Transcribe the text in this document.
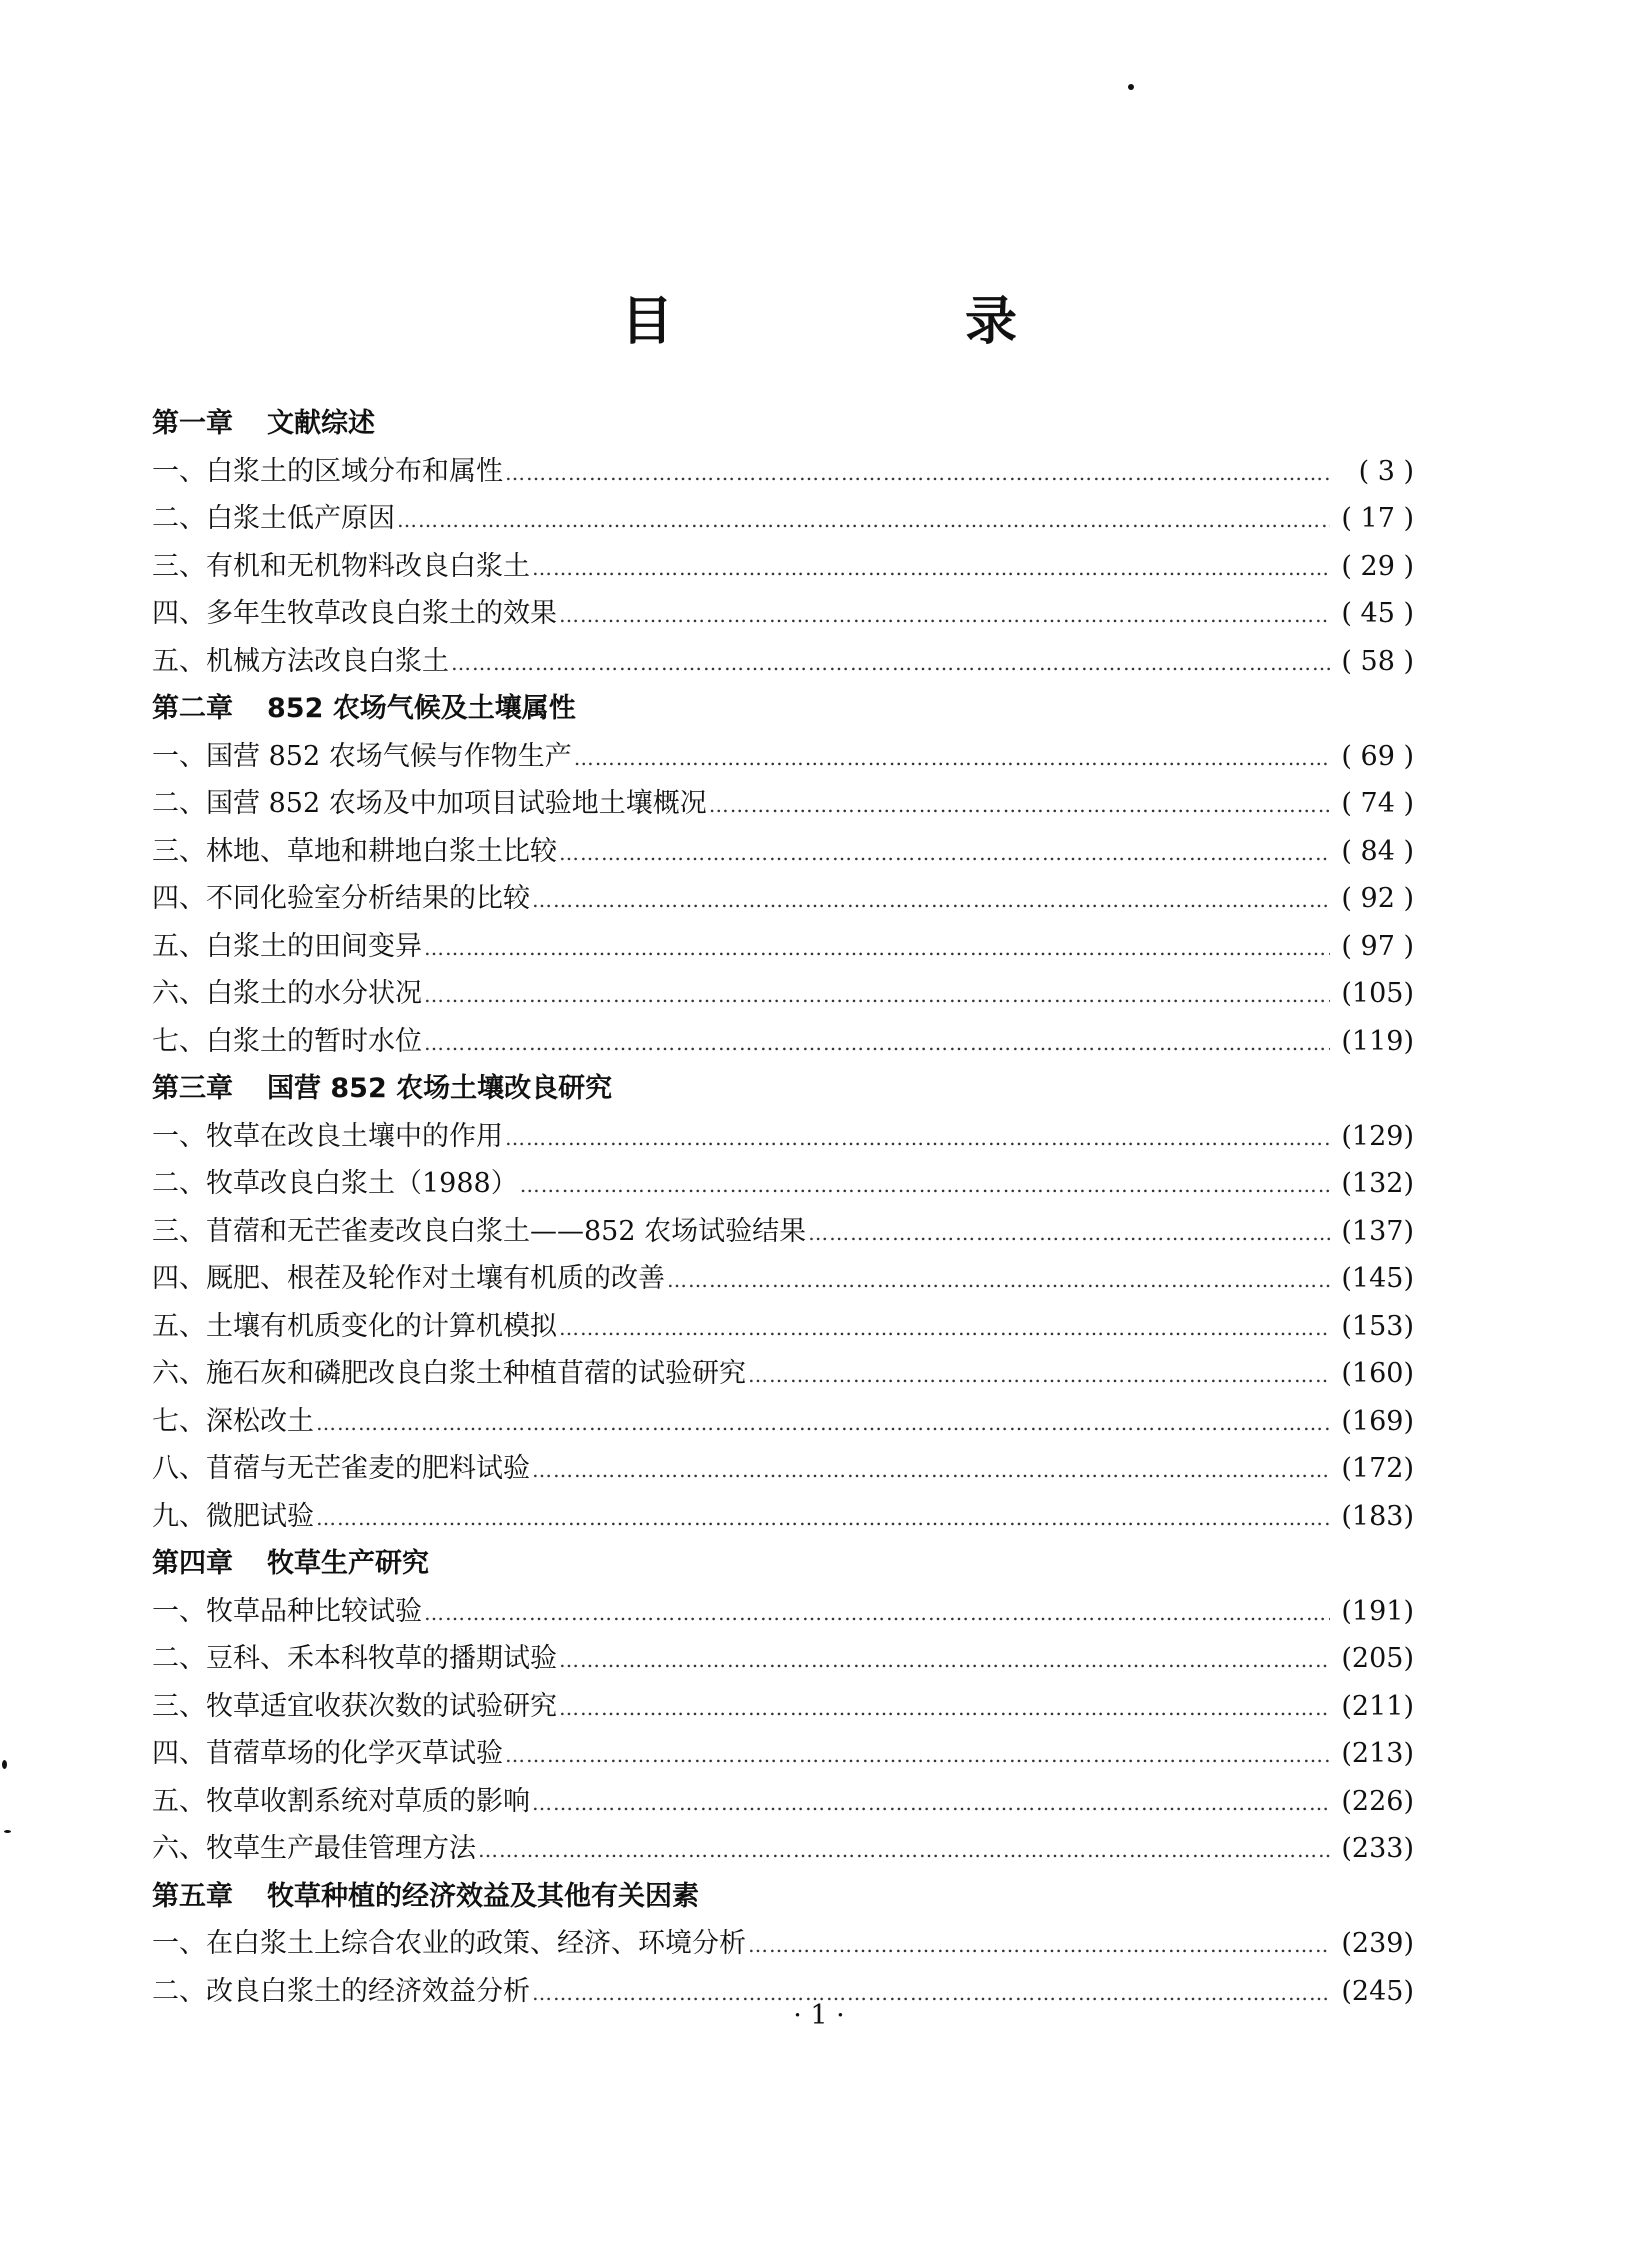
目　录
第一章 文献综述
一、白浆土的区域分布和属性 …………………………………………………………………………………………………………………………………………………………………………………………………………	( 3 )
二、白浆土低产原因 …………………………………………………………………………………………………………………………………………………………………………………………………………	( 17 )
三、有机和无机物料改良白浆土 …………………………………………………………………………………………………………………………………………………………………………………………………………	( 29 )
四、多年生牧草改良白浆土的效果 …………………………………………………………………………………………………………………………………………………………………………………………………………	( 45 )
五、机械方法改良白浆土 …………………………………………………………………………………………………………………………………………………………………………………………………………	( 58 )
第二章 852 农场气候及土壤属性
一、国营 852 农场气候与作物生产 …………………………………………………………………………………………………………………………………………………………………………………………………………	( 69 )
二、国营 852 农场及中加项目试验地土壤概况 …………………………………………………………………………………………………………………………………………………………………………………………………………	( 74 )
三、林地、草地和耕地白浆土比较 …………………………………………………………………………………………………………………………………………………………………………………………………………	( 84 )
四、不同化验室分析结果的比较 …………………………………………………………………………………………………………………………………………………………………………………………………………	( 92 )
五、白浆土的田间变异 …………………………………………………………………………………………………………………………………………………………………………………………………………	( 97 )
六、白浆土的水分状况 …………………………………………………………………………………………………………………………………………………………………………………………………………	(105)
七、白浆土的暂时水位 …………………………………………………………………………………………………………………………………………………………………………………………………………	(119)
第三章 国营 852 农场土壤改良研究
一、牧草在改良土壤中的作用 …………………………………………………………………………………………………………………………………………………………………………………………………………	(129)
二、牧草改良白浆土（1988） …………………………………………………………………………………………………………………………………………………………………………………………………………	(132)
三、苜蓿和无芒雀麦改良白浆土——852 农场试验结果 …………………………………………………………………………………………………………………………………………………………………………………………………………	(137)
四、厩肥、根茬及轮作对土壤有机质的改善 …………………………………………………………………………………………………………………………………………………………………………………………………………	(145)
五、土壤有机质变化的计算机模拟 …………………………………………………………………………………………………………………………………………………………………………………………………………	(153)
六、施石灰和磷肥改良白浆土种植苜蓿的试验研究 …………………………………………………………………………………………………………………………………………………………………………………………………………	(160)
七、深松改土 …………………………………………………………………………………………………………………………………………………………………………………………………………	(169)
八、苜蓿与无芒雀麦的肥料试验 …………………………………………………………………………………………………………………………………………………………………………………………………………	(172)
九、微肥试验 …………………………………………………………………………………………………………………………………………………………………………………………………………	(183)
第四章 牧草生产研究
一、牧草品种比较试验 …………………………………………………………………………………………………………………………………………………………………………………………………………	(191)
二、豆科、禾本科牧草的播期试验 …………………………………………………………………………………………………………………………………………………………………………………………………………	(205)
三、牧草适宜收获次数的试验研究 …………………………………………………………………………………………………………………………………………………………………………………………………………	(211)
四、苜蓿草场的化学灭草试验 …………………………………………………………………………………………………………………………………………………………………………………………………………	(213)
五、牧草收割系统对草质的影响 …………………………………………………………………………………………………………………………………………………………………………………………………………	(226)
六、牧草生产最佳管理方法 …………………………………………………………………………………………………………………………………………………………………………………………………………	(233)
第五章 牧草种植的经济效益及其他有关因素
一、在白浆土上综合农业的政策、经济、环境分析 …………………………………………………………………………………………………………………………………………………………………………………………………………	(239)
二、改良白浆土的经济效益分析 …………………………………………………………………………………………………………………………………………………………………………………………………………	(245)
· 1 ·
